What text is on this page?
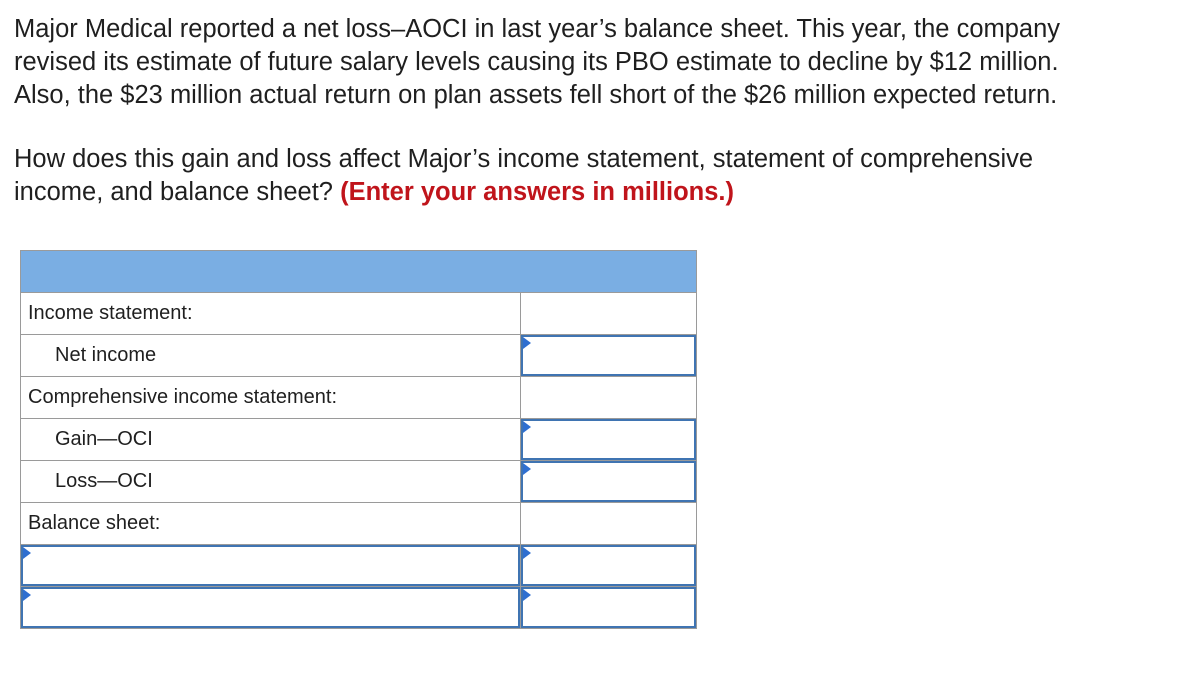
Major Medical reported a net loss–AOCI in last year’s balance sheet. This year, the company
revised its estimate of future salary levels causing its PBO estimate to decline by $12 million.
Also, the $23 million actual return on plan assets fell short of the $26 million expected return.

How does this gain and loss affect Major’s income statement, statement of comprehensive
income, and balance sheet? (Enter your answers in millions.)

Income statement:	
Net income	

Comprehensive income statement:	
Gain—OCI	

Loss—OCI	

Balance sheet:	
